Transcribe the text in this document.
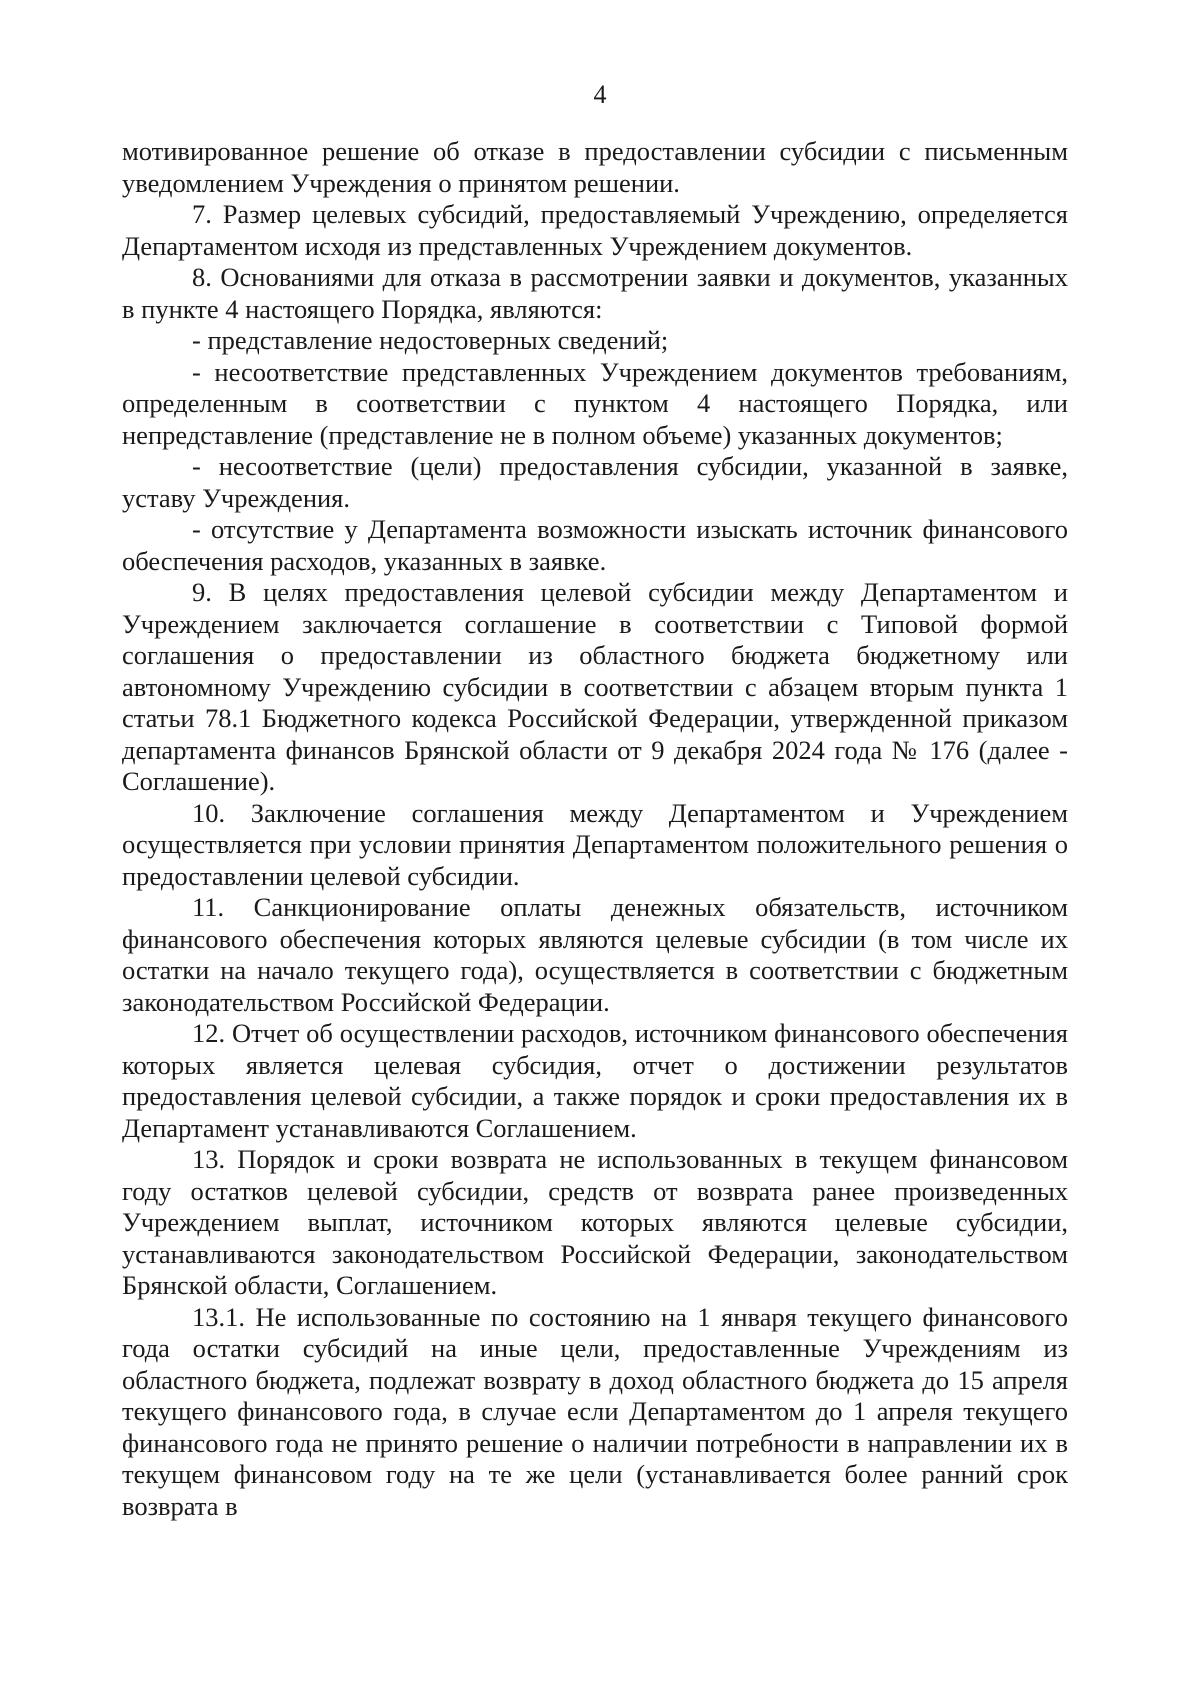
4

мотивированное решение об отказе в предоставлении субсидии с письменным уведомлением Учреждения о принятом решении.

7. Размер целевых субсидий, предоставляемый Учреждению, определяется Департаментом исходя из представленных Учреждением документов.

8. Основаниями для отказа в рассмотрении заявки и документов, указанных в пункте 4 настоящего Порядка, являются:

- представление недостоверных сведений;

- несоответствие представленных Учреждением документов требованиям, определенным в соответствии с пунктом 4 настоящего Порядка, или непредставление (представление не в полном объеме) указанных документов;

- несоответствие (цели) предоставления субсидии, указанной в заявке, уставу Учреждения.

- отсутствие у Департамента возможности изыскать источник финансового обеспечения расходов, указанных в заявке.

9. В целях предоставления целевой субсидии между Департаментом и Учреждением заключается соглашение в соответствии с Типовой формой соглашения о предоставлении из областного бюджета бюджетному или автономному Учреждению субсидии в соответствии с абзацем вторым пункта 1 статьи 78.1 Бюджетного кодекса Российской Федерации, утвержденной приказом департамента финансов Брянской области от 9 декабря 2024 года № 176 (далее - Соглашение).

10. Заключение соглашения между Департаментом и Учреждением осуществляется при условии принятия Департаментом положительного решения о предоставлении целевой субсидии.

11. Санкционирование оплаты денежных обязательств, источником финансового обеспечения которых являются целевые субсидии (в том числе их остатки на начало текущего года), осуществляется в соответствии с бюджетным законодательством Российской Федерации.

12. Отчет об осуществлении расходов, источником финансового обеспечения которых является целевая субсидия, отчет о достижении результатов предоставления целевой субсидии, а также порядок и сроки предоставления их в Департамент устанавливаются Соглашением.

13. Порядок и сроки возврата не использованных в текущем финансовом году остатков целевой субсидии, средств от возврата ранее произведенных Учреждением выплат, источником которых являются целевые субсидии, устанавливаются законодательством Российской Федерации, законодательством Брянской области, Соглашением.

13.1. Не использованные по состоянию на 1 января текущего финансового года остатки субсидий на иные цели, предоставленные Учреждениям из областного бюджета, подлежат возврату в доход областного бюджета до 15 апреля текущего финансового года, в случае если Департаментом до 1 апреля текущего финансового года не принято решение о наличии потребности в направлении их в текущем финансовом году на те же цели (устанавливается более ранний срок возврата в
